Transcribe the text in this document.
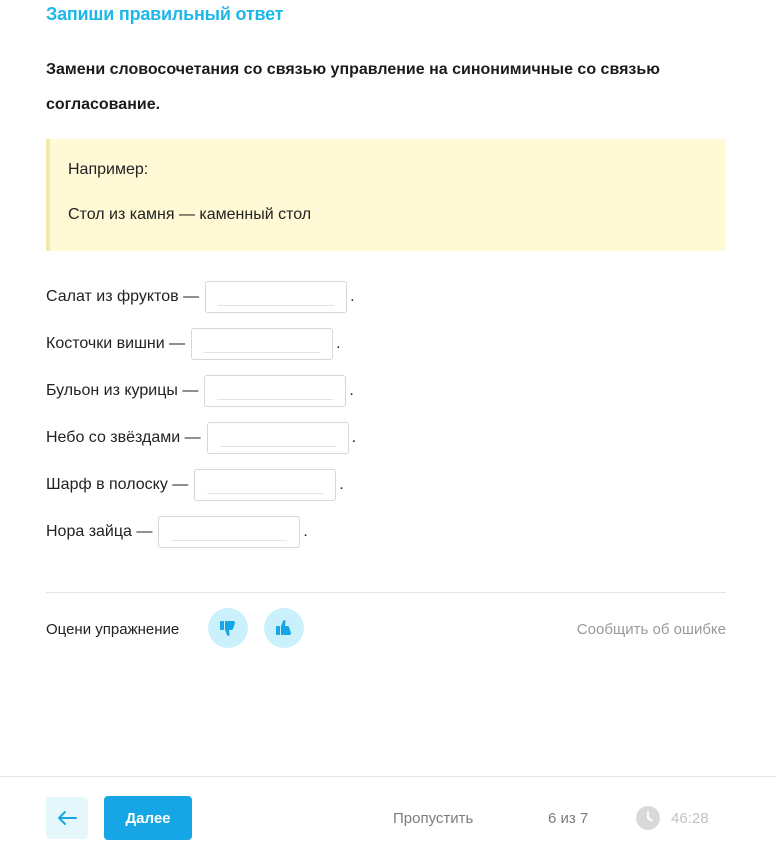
Запиши правильный ответ
Замени словосочетания со связью управление на синонимичные со связью согласование.
Например:
Стол из камня — каменный стол
Салат из фруктов —	.
Косточки вишни —	.
Бульон из курицы —	.
Небо со звёздами —	.
Шарф в полоску —	.
Нора зайца —	.
Оцени упражнение	Сообщить об ошибке
Далее	Пропустить	6 из 7	46:28
